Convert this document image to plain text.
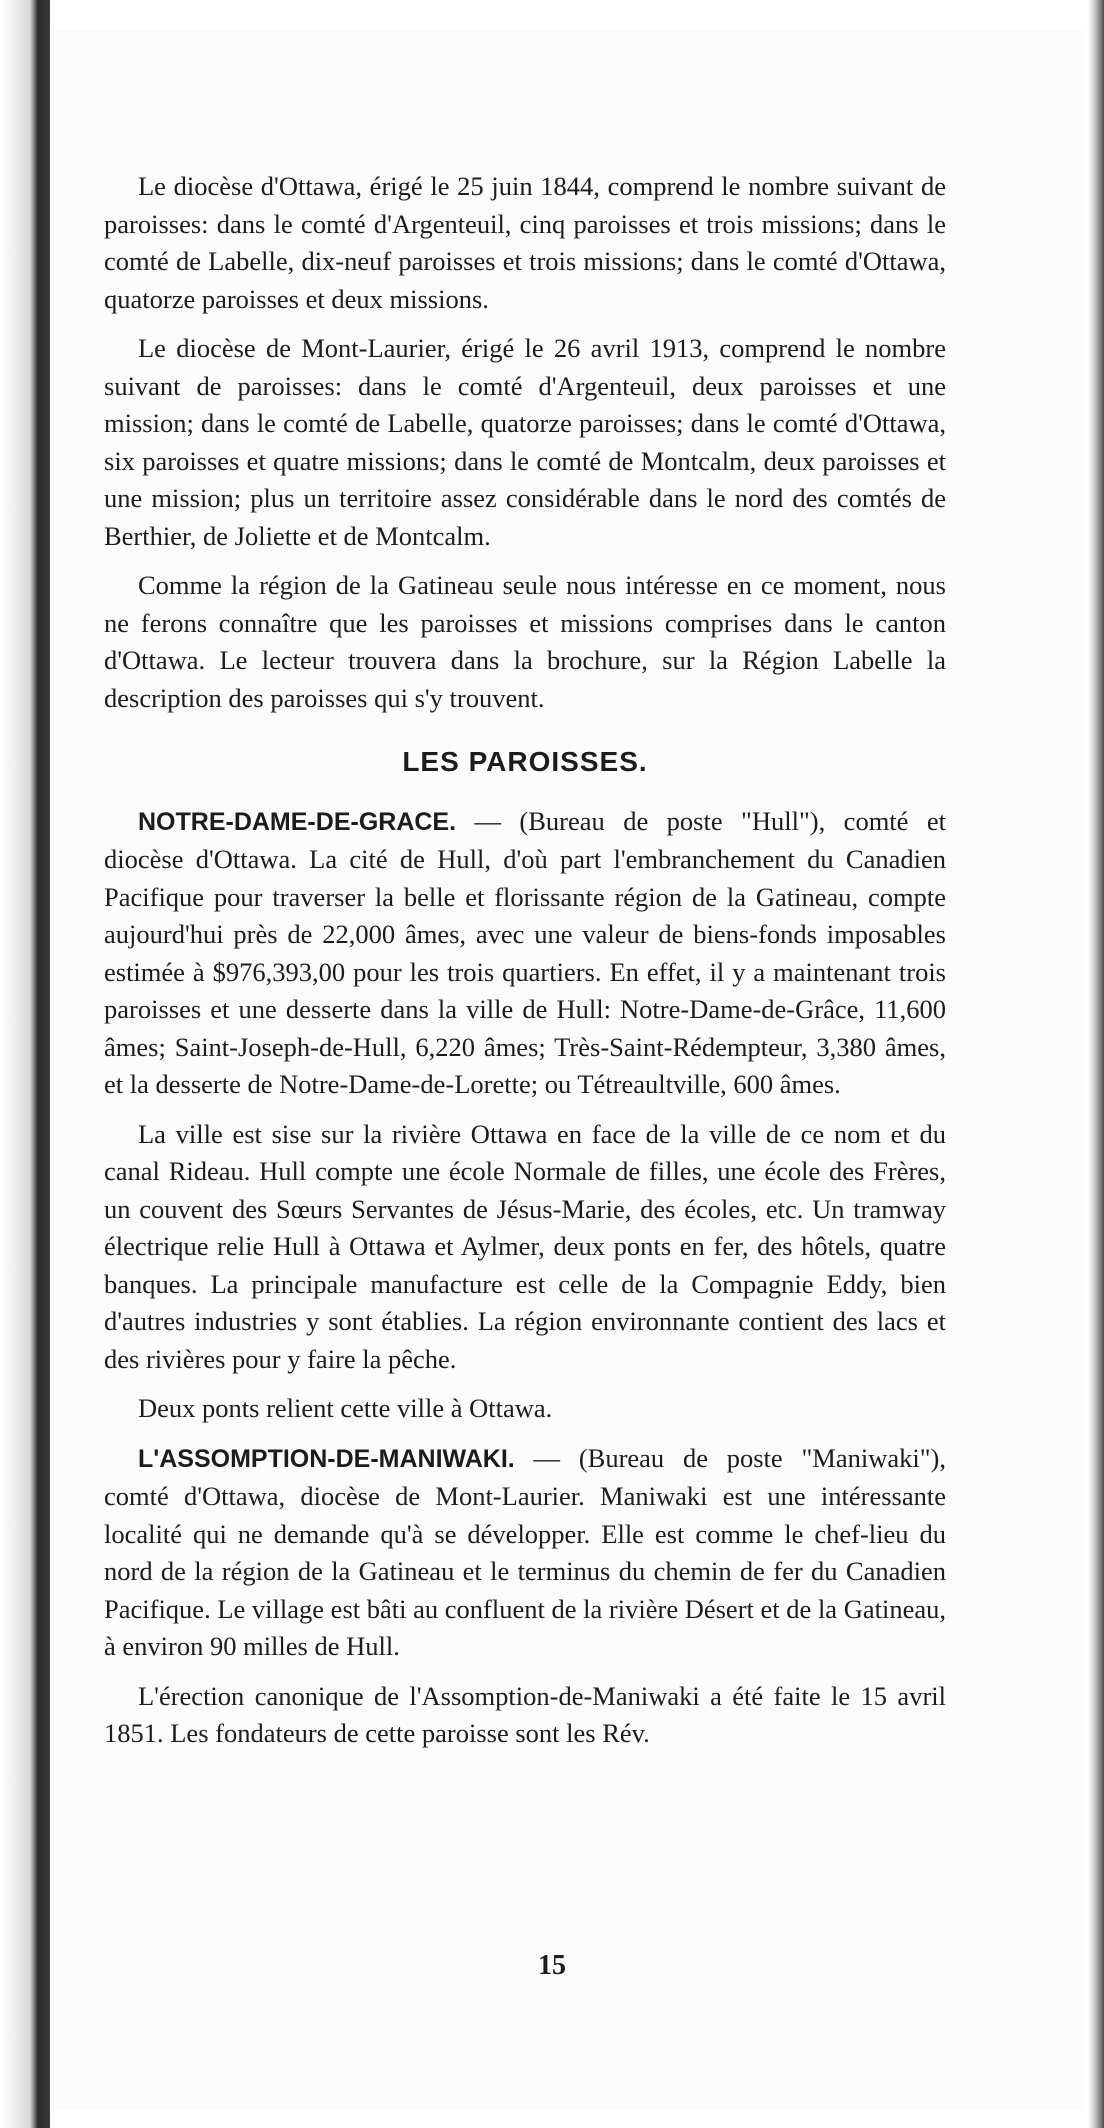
Le diocèse d'Ottawa, érigé le 25 juin 1844, comprend le nombre suivant de paroisses: dans le comté d'Argenteuil, cinq paroisses et trois missions; dans le comté de Labelle, dix-neuf paroisses et trois missions; dans le comté d'Ottawa, quatorze paroisses et deux missions.

Le diocèse de Mont-Laurier, érigé le 26 avril 1913, comprend le nombre suivant de paroisses: dans le comté d'Argenteuil, deux paroisses et une mission; dans le comté de Labelle, quatorze paroisses; dans le comté d'Ottawa, six paroisses et quatre missions; dans le comté de Montcalm, deux paroisses et une mission; plus un territoire assez considérable dans le nord des comtés de Berthier, de Joliette et de Montcalm.

Comme la région de la Gatineau seule nous intéresse en ce moment, nous ne ferons connaître que les paroisses et missions comprises dans le canton d'Ottawa. Le lecteur trouvera dans la brochure, sur la Région Labelle la description des paroisses qui s'y trouvent.

LES PAROISSES.

NOTRE-DAME-DE-GRACE. — (Bureau de poste "Hull"), comté et diocèse d'Ottawa. La cité de Hull, d'où part l'embranchement du Canadien Pacifique pour traverser la belle et florissante région de la Gatineau, compte aujourd'hui près de 22,000 âmes, avec une valeur de biens-fonds imposables estimée à $976,393,00 pour les trois quartiers. En effet, il y a maintenant trois paroisses et une desserte dans la ville de Hull: Notre-Dame-de-Grâce, 11,600 âmes; Saint-Joseph-de-Hull, 6,220 âmes; Très-Saint-Rédempteur, 3,380 âmes, et la desserte de Notre-Dame-de-Lorette; ou Tétreaultville, 600 âmes.

La ville est sise sur la rivière Ottawa en face de la ville de ce nom et du canal Rideau. Hull compte une école Normale de filles, une école des Frères, un couvent des Sœurs Servantes de Jésus-Marie, des écoles, etc. Un tramway électrique relie Hull à Ottawa et Aylmer, deux ponts en fer, des hôtels, quatre banques. La principale manufacture est celle de la Compagnie Eddy, bien d'autres industries y sont établies. La région environnante contient des lacs et des rivières pour y faire la pêche.

Deux ponts relient cette ville à Ottawa.

L'ASSOMPTION-DE-MANIWAKI. — (Bureau de poste "Maniwaki"), comté d'Ottawa, diocèse de Mont-Laurier. Maniwaki est une intéressante localité qui ne demande qu'à se développer. Elle est comme le chef-lieu du nord de la région de la Gatineau et le terminus du chemin de fer du Canadien Pacifique. Le village est bâti au confluent de la rivière Désert et de la Gatineau, à environ 90 milles de Hull.

L'érection canonique de l'Assomption-de-Maniwaki a été faite le 15 avril 1851. Les fondateurs de cette paroisse sont les Rév.

15
